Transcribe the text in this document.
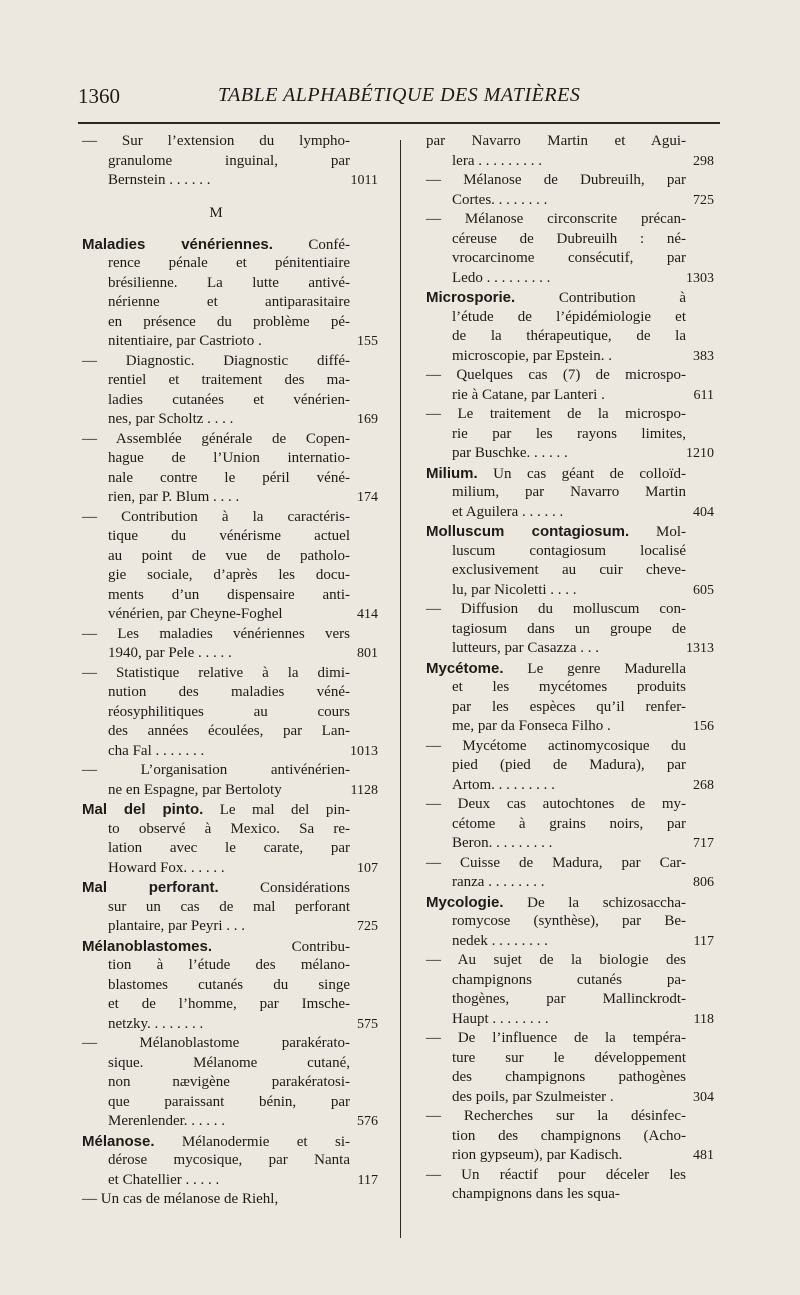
1360	TABLE ALPHABÉTIQUE DES MATIÈRES
— Sur l’extension du lympho-
granulome inguinal, par
Bernstein . . . . . .	1011
M
Maladies vénériennes. Confé-
rence pénale et pénitentiaire
brésilienne. La lutte antivé-
nérienne et antiparasitaire
en présence du problème pé-
nitentiaire, par Castrioto .	155
— Diagnostic. Diagnostic diffé-
rentiel et traitement des ma-
ladies cutanées et vénérien-
nes, par Scholtz . . . .	169
— Assemblée générale de Copen-
hague de l’Union internatio-
nale contre le péril véné-
rien, par P. Blum . . . .	174
— Contribution à la caractéris-
tique du vénérisme actuel
au point de vue de patholo-
gie sociale, d’après les docu-
ments d’un dispensaire anti-
vénérien, par Cheyne-Foghel	414
— Les maladies vénériennes vers
1940, par Pele . . . . .	801
— Statistique relative à la dimi-
nution des maladies véné-
réosyphilitiques au cours
des années écoulées, par Lan-
cha Fal . . . . . . .	1013
— L’organisation antivénérien-
ne en Espagne, par Bertoloty	1128
Mal del pinto. Le mal del pin-
to observé à Mexico. Sa re-
lation avec le carate, par
Howard Fox. . . . . .	107
Mal perforant. Considérations
sur un cas de mal perforant
plantaire, par Peyri . . .	725
Mélanoblastomes. Contribu-
tion à l’étude des mélano-
blastomes cutanés du singe
et de l’homme, par Imsche-
netzky. . . . . . . .	575
— Mélanoblastome parakérato-
sique. Mélanome cutané,
non nævigène parakératosi-
que paraissant bénin, par
Merenlender. . . . . .	576
Mélanose. Mélanodermie et si-
dérose mycosique, par Nanta
et Chatellier . . . . .	117
— Un cas de mélanose de Riehl,
par Navarro Martin et Agui-
lera . . . . . . . . .	298
— Mélanose de Dubreuilh, par
Cortes. . . . . . . .	725
— Mélanose circonscrite précan-
céreuse de Dubreuilh : né-
vrocarcinome consécutif, par
Ledo . . . . . . . . .	1303
Microsporie. Contribution à
l’étude de l’épidémiologie et
de la thérapeutique, de la
microscopie, par Epstein. .	383
— Quelques cas (7) de microspo-
rie à Catane, par Lanteri .	611
— Le traitement de la microspo-
rie par les rayons limites,
par Buschke. . . . . .	1210
Milium. Un cas géant de colloïd-
milium, par Navarro Martin
et Aguilera . . . . . .	404
Molluscum contagiosum. Mol-
luscum contagiosum localisé
exclusivement au cuir cheve-
lu, par Nicoletti . . . .	605
— Diffusion du molluscum con-
tagiosum dans un groupe de
lutteurs, par Casazza . . .	1313
Mycétome. Le genre Madurella
et les mycétomes produits
par les espèces qu’il renfer-
me, par da Fonseca Filho .	156
— Mycétome actinomycosique du
pied (pied de Madura), par
Artom. . . . . . . . .	268
— Deux cas autochtones de my-
cétome à grains noirs, par
Beron. . . . . . . . .	717
— Cuisse de Madura, par Car-
ranza . . . . . . . .	806
Mycologie. De la schizosaccha-
romycose (synthèse), par Be-
nedek . . . . . . . .	117
— Au sujet de la biologie des
champignons cutanés pa-
thogènes, par Mallinckrodt-
Haupt . . . . . . . .	118
— De l’influence de la tempéra-
ture sur le développement
des champignons pathogènes
des poils, par Szulmeister .	304
— Recherches sur la désinfec-
tion des champignons (Acho-
rion gypseum), par Kadisch.	481
— Un réactif pour déceler les
champignons dans les squa-
